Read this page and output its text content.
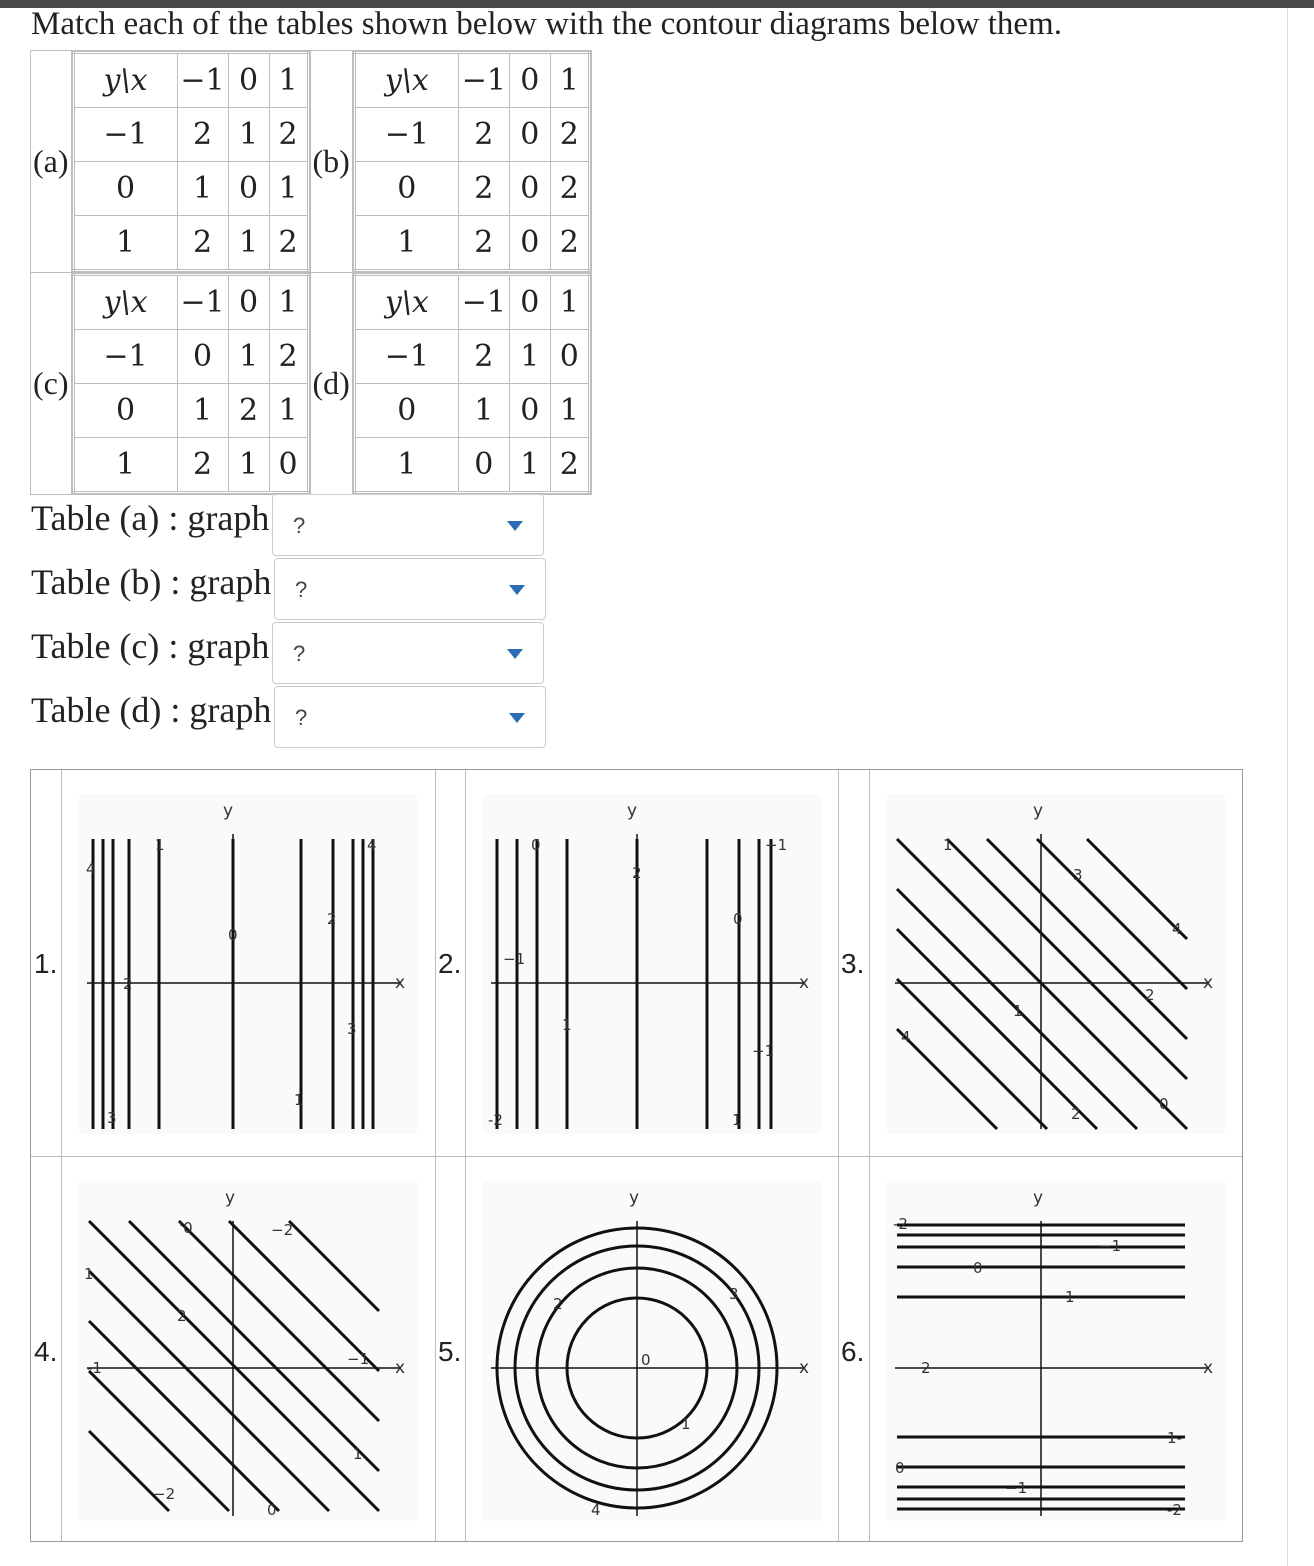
Match each of the tables shown below with the contour diagrams below them.
(a)	
y\x	−1	0	1
−1	2	1	2
0	1	0	1
1	2	1	2
	(b)	
y\x	−1	0	1
−1	2	0	2
0	2	0	2
1	2	0	2

(c)	
y\x	−1	0	1
−1	0	1	2
0	1	2	1
1	2	1	0
	(d)	
y\x	−1	0	1
−1	2	1	0
0	1	0	1
1	0	1	2
Table (a) : graph ?
Table (b) : graph ?
Table (c) : graph ?
Table (d) : graph ?
1.	2.	3.
4.	5.	6.
y
x
4
2
3
1
0
1
2
3
4
y
x
0
−1
-2
1
2
0
−1
1
−1
y
x
1
3
4
2
1
4
2
0
y
x
'0	−2
1
2
-1	−1
1
−2
0
y
x
2
3
0
1
4
y
x
-2
−1
0
1
2
1-
0
−1
-2
